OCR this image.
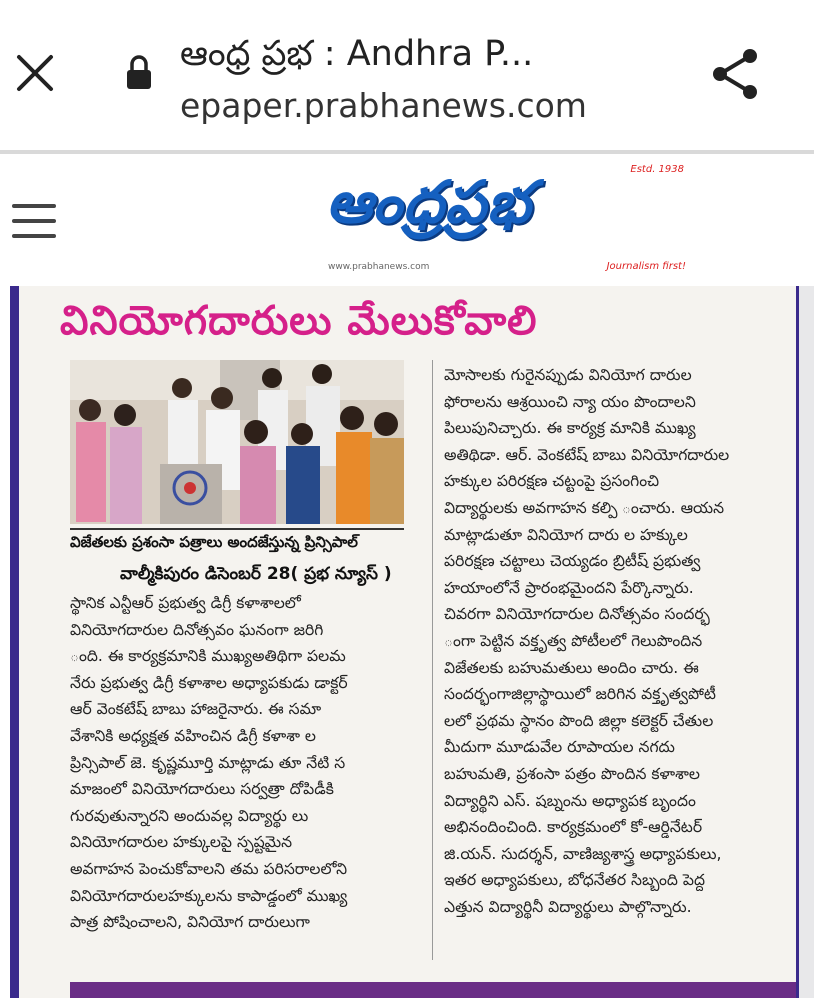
ఆంధ్ర ప్రభ : Andhra P...
epaper.prabhanews.com
Estd. 1938
ఆంధ్రప్రభ
www.prabhanews.com	Journalism first!
వినియోగదారులు మేలుకోవాలి
విజేతలకు ప్రశంసా పత్రాలు అందజేస్తున్న ప్రిన్సిపాల్
వాల్మీకిపురం డిసెంబర్ 28( ప్రభ న్యూస్ )
స్థానిక ఎన్టీఆర్ ప్రభుత్వ డిగ్రీ కళాశాలలో
వినియోగదారుల దినోత్సవం ఘనంగా జరిగి
ంది. ఈ కార్యక్రమానికి ముఖ్యఅతిథిగా పలమ
నేరు ప్రభుత్వ డిగ్రీ కళాశాల అధ్యాపకుడు డాక్టర్
ఆర్ వెంకటేష్ బాబు హాజరైనారు. ఈ సమా
వేశానికి అధ్యక్షత వహించిన డిగ్రీ కళాశా ల
ప్రిన్సిపాల్ జె. కృష్ణమూర్తి మాట్లాడు తూ నేటి స
మాజంలో వినియోగదారులు సర్వత్రా దోపిడీకి
గురవుతున్నారని అందువల్ల విద్యార్థు లు
వినియోగదారుల హక్కులపై స్పష్టమైన
అవగాహన పెంచుకోవాలని తమ పరిసరాలలోని
వినియోగదారులహక్కులను కాపాడ్డంలో ముఖ్య
పాత్ర పోషించాలని, వినియోగ దారులుగా
మోసాలకు గురైనప్పుడు వినియోగ దారుల
ఫోరాలను ఆశ్రయించి న్యా యం పొందాలని
పిలుపునిచ్చారు. ఈ కార్యక్ర మానికి ముఖ్య
అతిథిడా. ఆర్. వెంకటేష్ బాబు వినియోగదారుల
హక్కుల పరిరక్షణ చట్టంపై ప్రసంగించి
విద్యార్థులకు అవగాహన కల్పి ంచారు. ఆయన
మాట్లాడుతూ వినియోగ దారు ల హక్కుల
పరిరక్షణ చట్టాలు చెయ్యడం బ్రిటీష్ ప్రభుత్వ
హయాంలోనే ప్రారంభమైందని పేర్కొన్నారు.
చివరగా వినియోగదారుల దినోత్సవం సందర్భ
ంగా పెట్టిన వక్తృత్వ పోటీలలో గెలుపొందిన
విజేతలకు బహుమతులు అందిం చారు. ఈ
సందర్భంగాజిల్లాస్థాయిలో జరిగిన వక్తృత్వపోటీ
లలో ప్రథమ స్థానం పొంది జిల్లా కలెక్టర్ చేతుల
మీదుగా మూడువేల రూపాయల నగదు
బహుమతి, ప్రశంసా పత్రం పొందిన కళాశాల
విద్యార్థిని ఎస్. షబ్నంను అధ్యాపక బృందం
అభినందించింది. కార్యక్రమంలో కో-ఆర్డినేటర్
జి.యన్. సుదర్శన్, వాణిజ్యశాస్త్ర అధ్యాపకులు,
ఇతర అధ్యాపకులు, బోధనేతర సిబ్బంది పెద్ద
ఎత్తున విద్యార్థినీ విద్యార్థులు పాల్గొన్నారు.
